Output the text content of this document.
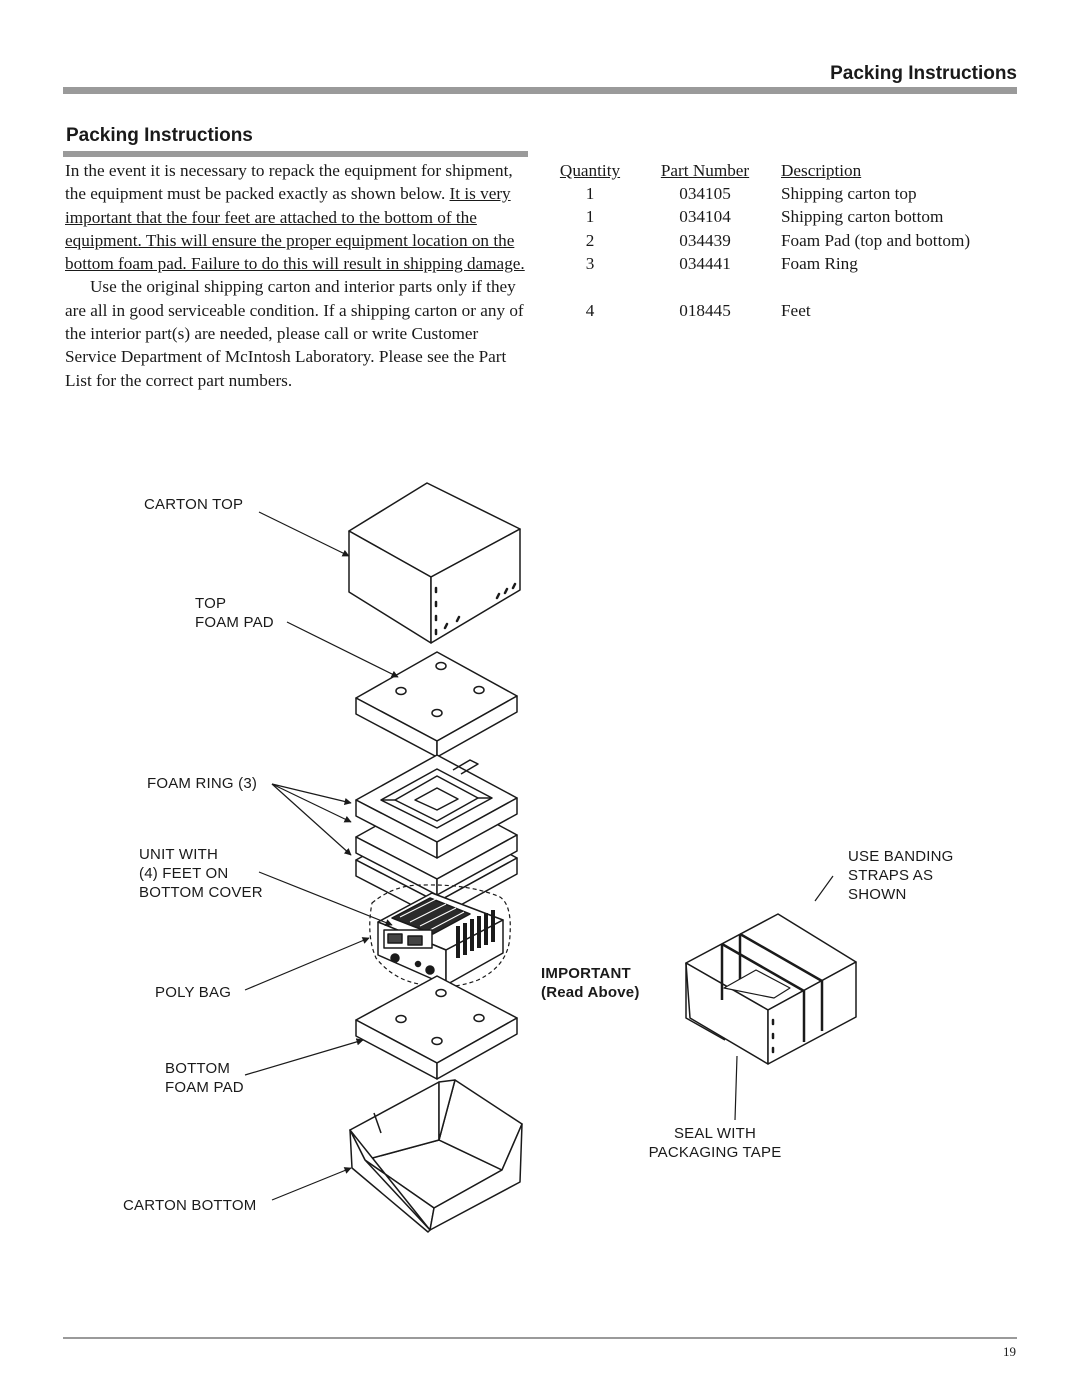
Packing Instructions
Packing Instructions

In the event it is necessary to repack the equipment for shipment, the equipment must be packed exactly as shown below. It is very important that the four feet are attached to the bottom of the equipment. This will ensure the proper equipment location on the bottom foam pad. Failure to do this will result in shipping damage.

Use the original shipping carton and interior parts only if they are all in good serviceable condition. If a shipping carton or any of the interior part(s) are needed, please call or write Customer Service Department of McIntosh Laboratory. Please see the Part List for the correct part numbers.

Quantity	Part Number	Description
1	034105	Shipping carton top
1	034104	Shipping carton bottom
2	034439	Foam Pad (top and bottom)
3	034441	Foam Ring
4	018445	Feet
CARTON TOP
TOP
FOAM PAD
FOAM RING (3)
UNIT WITH
(4) FEET ON
BOTTOM COVER
POLY BAG
BOTTOM
FOAM PAD
CARTON BOTTOM
IMPORTANT
(Read Above)
USE BANDING
STRAPS AS
SHOWN
SEAL WITH
PACKAGING TAPE
19
